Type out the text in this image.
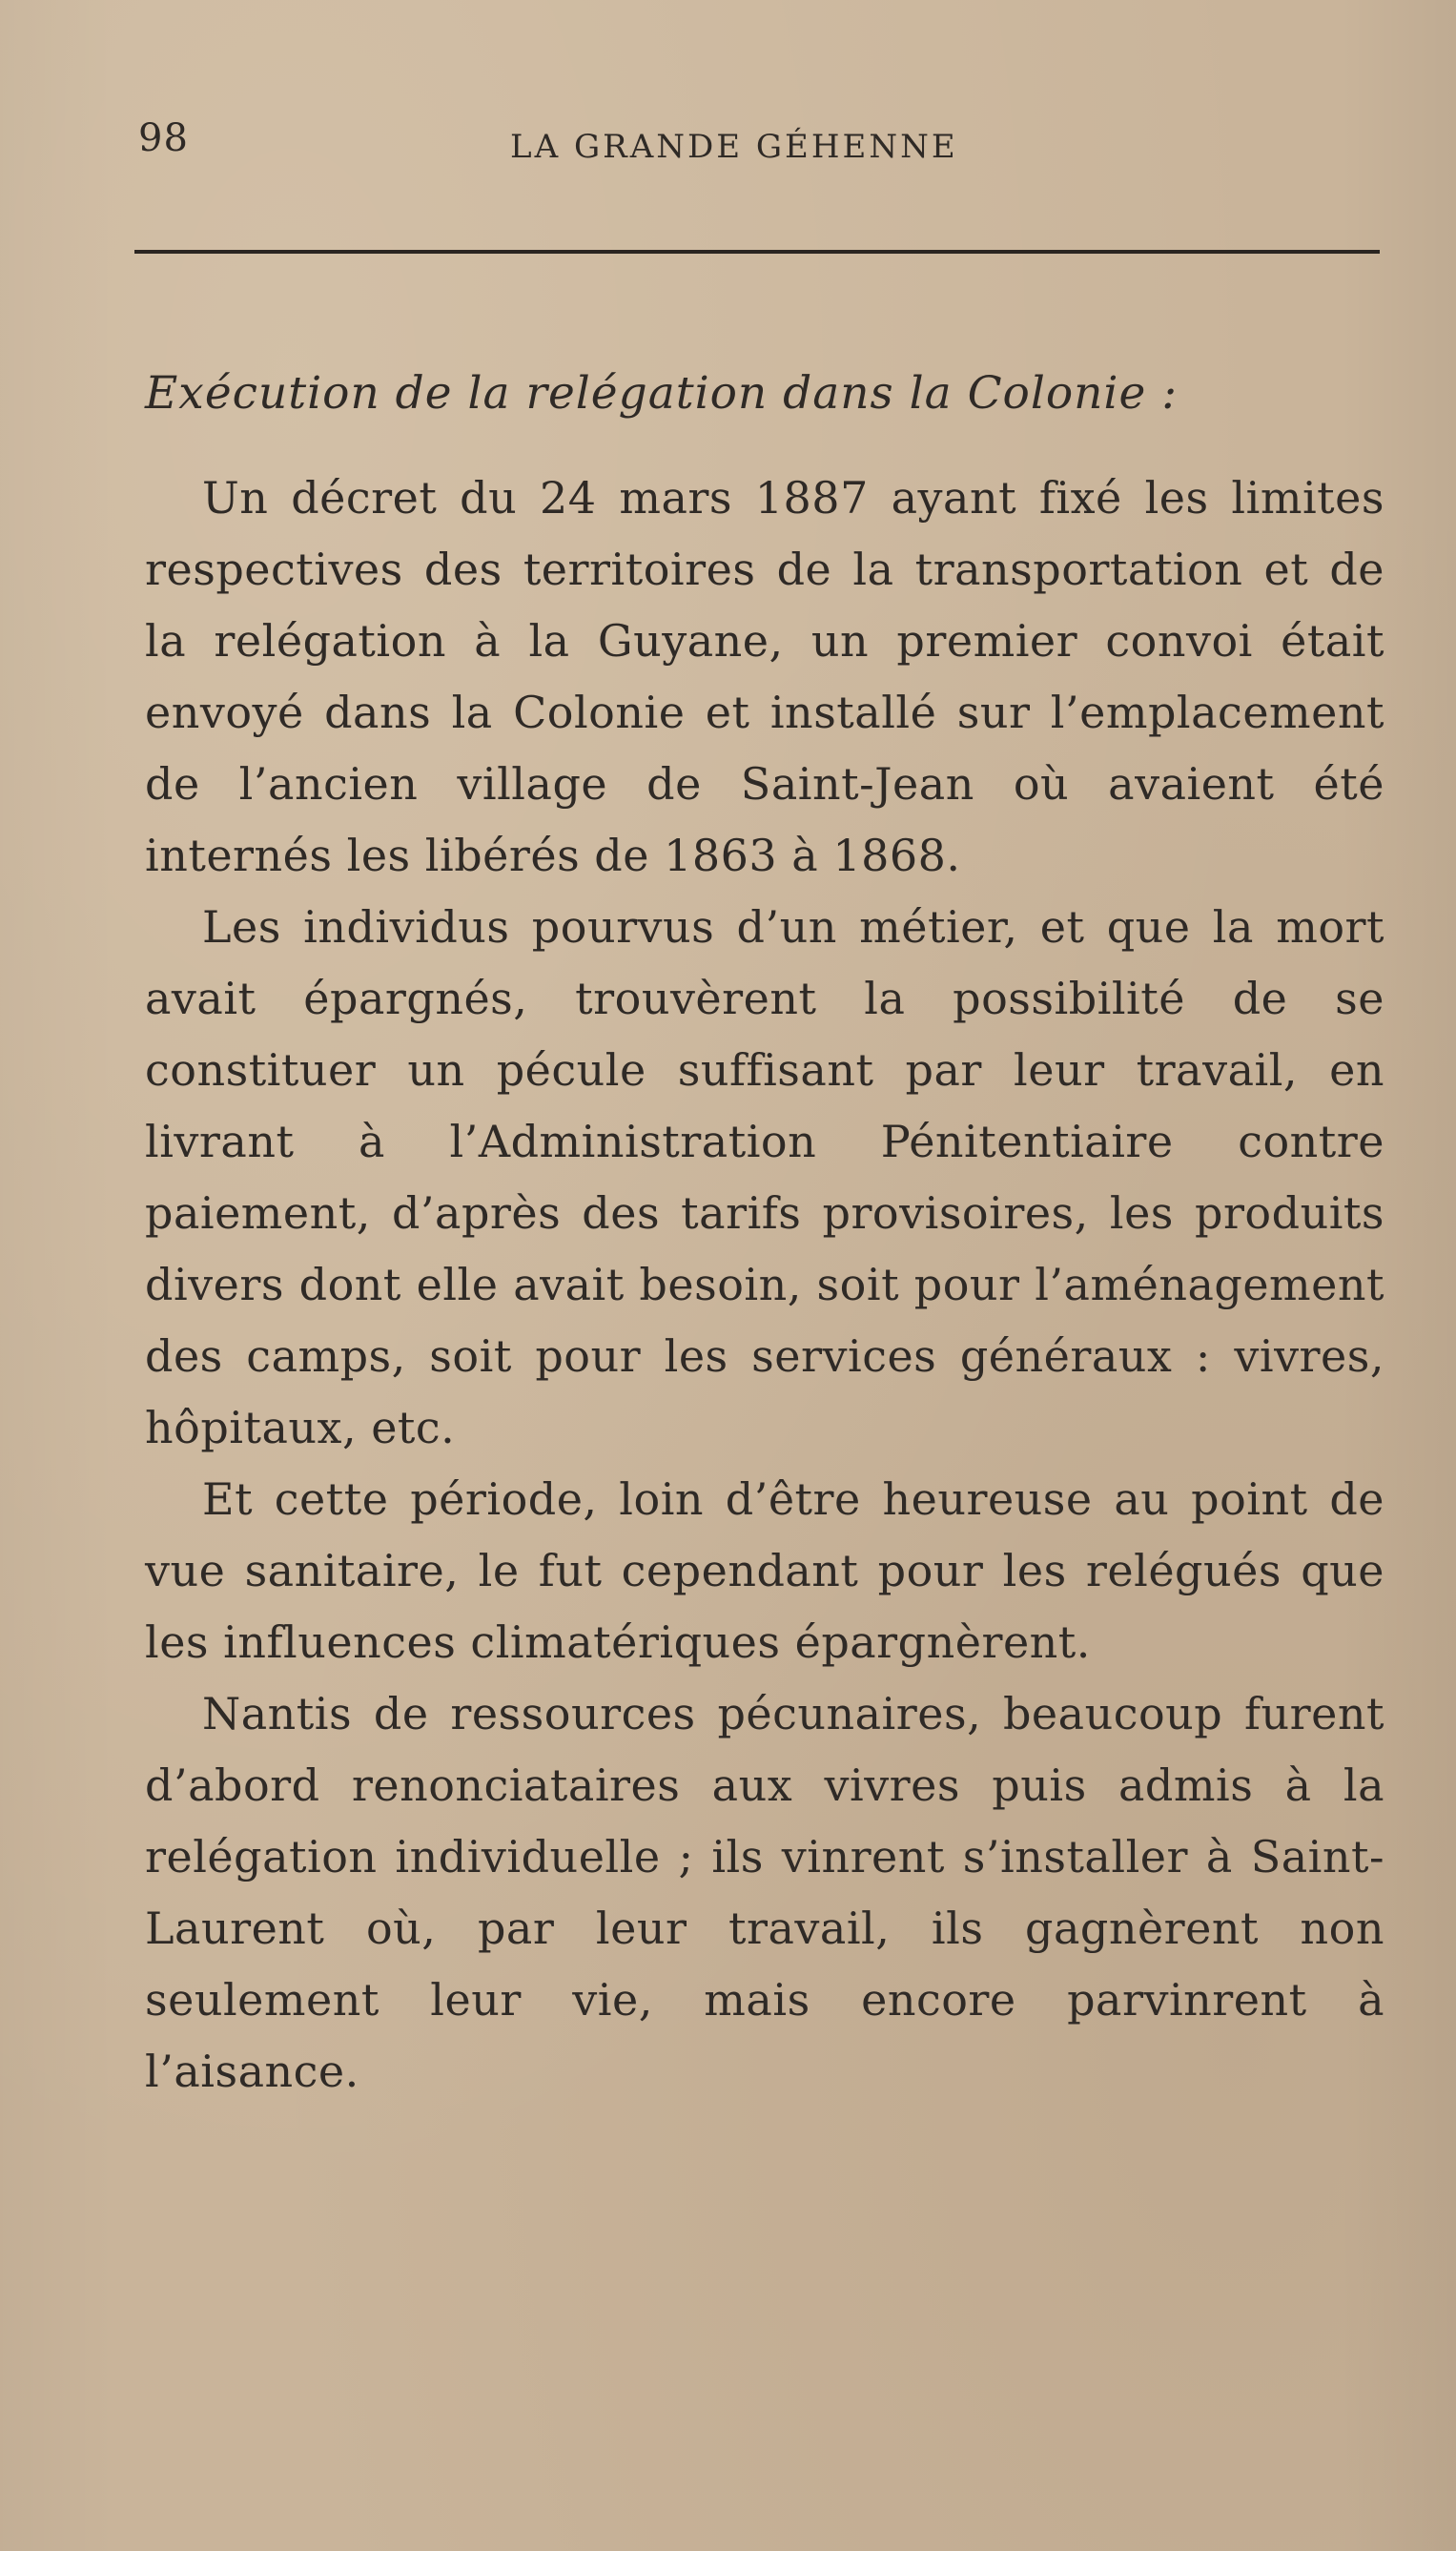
98	LA GRANDE GÉHENNE
Exécution de la relégation dans la Colonie :

Un décret du 24 mars 1887 ayant fixé les limites respectives des territoires de la transportation et de la relégation à la Guyane, un premier convoi était envoyé dans la Colonie et installé sur l’emplacement de l’ancien village de Saint-Jean où avaient été internés les libérés de 1863 à 1868.

Les individus pourvus d’un métier, et que la mort avait épargnés, trouvèrent la possibilité de se constituer un pécule suffisant par leur travail, en livrant à l’Administration Pénitentiaire contre paiement, d’après des tarifs provisoires, les produits divers dont elle avait besoin, soit pour l’aménagement des camps, soit pour les services généraux : vivres, hôpitaux, etc.

Et cette période, loin d’être heureuse au point de vue sanitaire, le fut cependant pour les relégués que les influences climatériques épargnèrent.

Nantis de ressources pécunaires, beaucoup furent d’abord renonciataires aux vivres puis admis à la relégation individuelle ; ils vinrent s’installer à Saint-Laurent où, par leur travail, ils gagnèrent non seulement leur vie, mais encore parvinrent à l’aisance.
